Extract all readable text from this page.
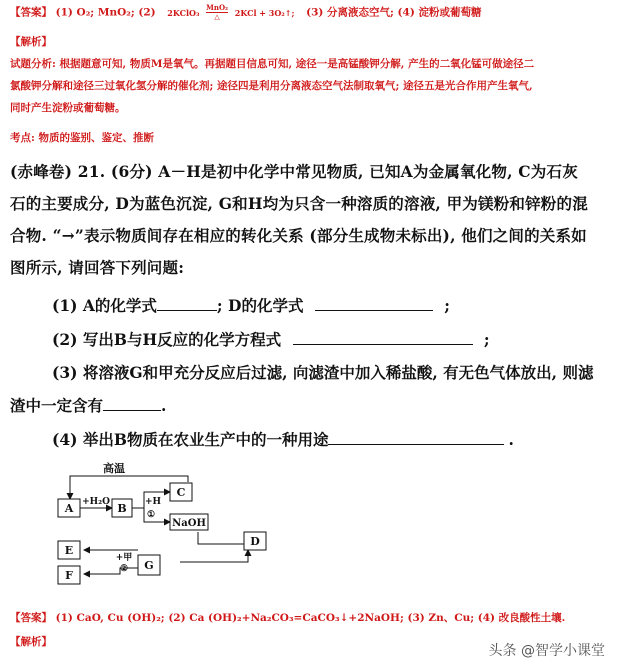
【答案】 (1) O₂; MnO₂; (2) 2KClO₃ $\frac{\text{MnO₂}}{\triangle} 2KCl$ + 3O₂↑; (3) 分离液态空气; (4) 淀粉或葡萄糖
【解析】
试题分析: 根据题意可知, 物质M是氧气。再据题目信息可知, 途径一是高锰酸钾分解, 产生的二氧化锰可做途径二
氯酸钾分解和途径三过氧化氢分解的催化剂; 途径四是利用分离液态空气法制取氧气; 途径五是光合作用产生氧气,
同时产生淀粉或葡萄糖。
考点: 物质的鉴别、鉴定、推断
(赤峰卷) 21. (6分) A－H是初中化学中常见物质, 已知A为金属氧化物, C为石灰
石的主要成分, D为蓝色沉淀, G和H均为只含一种溶质的溶液, 甲为镁粉和锌粉的混
合物. “→”表示物质间存在相应的转化关系 (部分生成物未标出), 他们之间的关系如
图所示, 请回答下列问题:
(1) A的化学式	; D的化学式	;
(2) 写出B与H反应的化学方程式	;
(3) 将溶液G和甲充分反应后过滤, 向滤渣中加入稀盐酸, 有无色气体放出, 则滤
渣中一定含有	.
(4) 举出B物质在农业生产中的一种用途	.
高温
A	B
C
NaOH
D
E
F
G
+H₂O	+H
①
+甲
②
【答案】 (1) CaO, Cu (OH)₂; (2) Ca (OH)₂+Na₂CO₃=CaCO₃↓+2NaOH; (3) Zn、Cu; (4) 改良酸性土壤.
【解析】
头条 @智学小课堂
